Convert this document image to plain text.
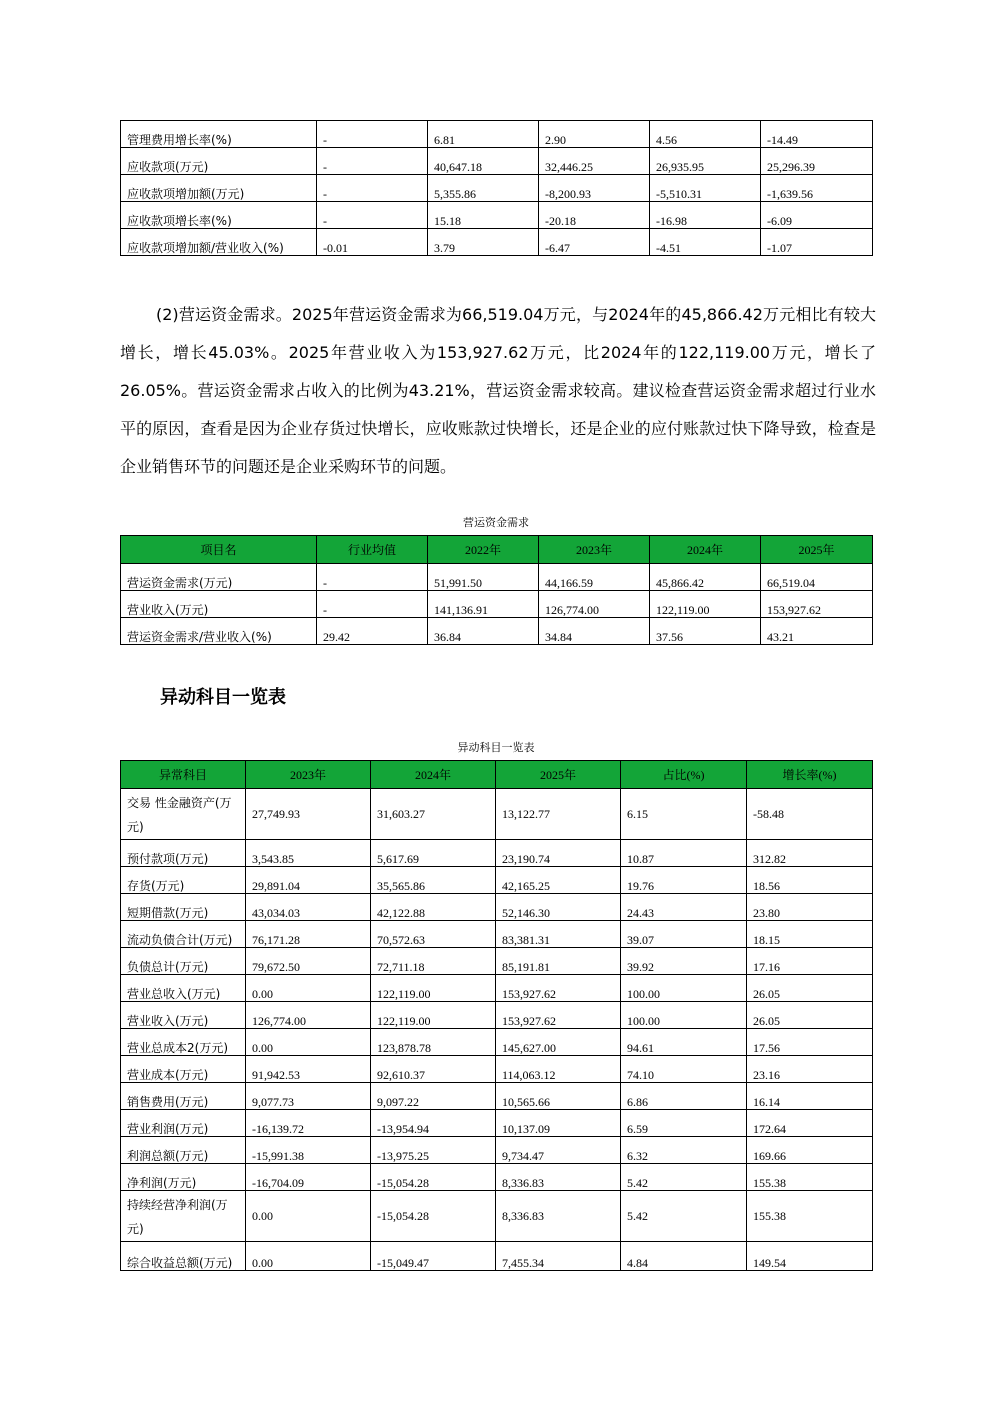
管理费用增长率(%)	-	6.81	2.90	4.56	-14.49
应收款项(万元)	-	40,647.18	32,446.25	26,935.95	25,296.39
应收款项增加额(万元)	-	5,355.86	-8,200.93	-5,510.31	-1,639.56
应收款项增长率(%)	-	15.18	-20.18	-16.98	-6.09
应收款项增加额/营业收入(%)	-0.01	3.79	-6.47	-4.51	-1.07

(2)营运资金需求。2025年营运资金需求为66,519.04万元，与2024年的45,866.42万元相比有较大增长，增长45.03%。2025年营业收入为153,927.62万元，比2024年的122,119.00万元，增长了26.05%。营运资金需求占收入的比例为43.21%，营运资金需求较高。建议检查营运资金需求超过行业水平的原因，查看是因为企业存货过快增长，应收账款过快增长，还是企业的应付账款过快下降导致，检查是企业销售环节的问题还是企业采购环节的问题。

营运资金需求
项目名	行业均值	2022年	2023年	2024年	2025年
营运资金需求(万元)	-	51,991.50	44,166.59	45,866.42	66,519.04
营业收入(万元)	-	141,136.91	126,774.00	122,119.00	153,927.62
营运资金需求/营业收入(%)	29.42	36.84	34.84	37.56	43.21
异动科目一览表
异动科目一览表
异常科目	2023年	2024年	2025年	占比(%)	增长率(%)
交易 性金融资产(万元)	27,749.93	31,603.27	13,122.77	6.15	-58.48
预付款项(万元)	3,543.85	5,617.69	23,190.74	10.87	312.82
存货(万元)	29,891.04	35,565.86	42,165.25	19.76	18.56
短期借款(万元)	43,034.03	42,122.88	52,146.30	24.43	23.80
流动负债合计(万元)	76,171.28	70,572.63	83,381.31	39.07	18.15
负债总计(万元)	79,672.50	72,711.18	85,191.81	39.92	17.16
营业总收入(万元)	0.00	122,119.00	153,927.62	100.00	26.05
营业收入(万元)	126,774.00	122,119.00	153,927.62	100.00	26.05
营业总成本2(万元)	0.00	123,878.78	145,627.00	94.61	17.56
营业成本(万元)	91,942.53	92,610.37	114,063.12	74.10	23.16
销售费用(万元)	9,077.73	9,097.22	10,565.66	6.86	16.14
营业利润(万元)	-16,139.72	-13,954.94	10,137.09	6.59	172.64
利润总额(万元)	-15,991.38	-13,975.25	9,734.47	6.32	169.66
净利润(万元)	-16,704.09	-15,054.28	8,336.83	5.42	155.38
持续经营净利润(万元)	0.00	-15,054.28	8,336.83	5.42	155.38
综合收益总额(万元)	0.00	-15,049.47	7,455.34	4.84	149.54
